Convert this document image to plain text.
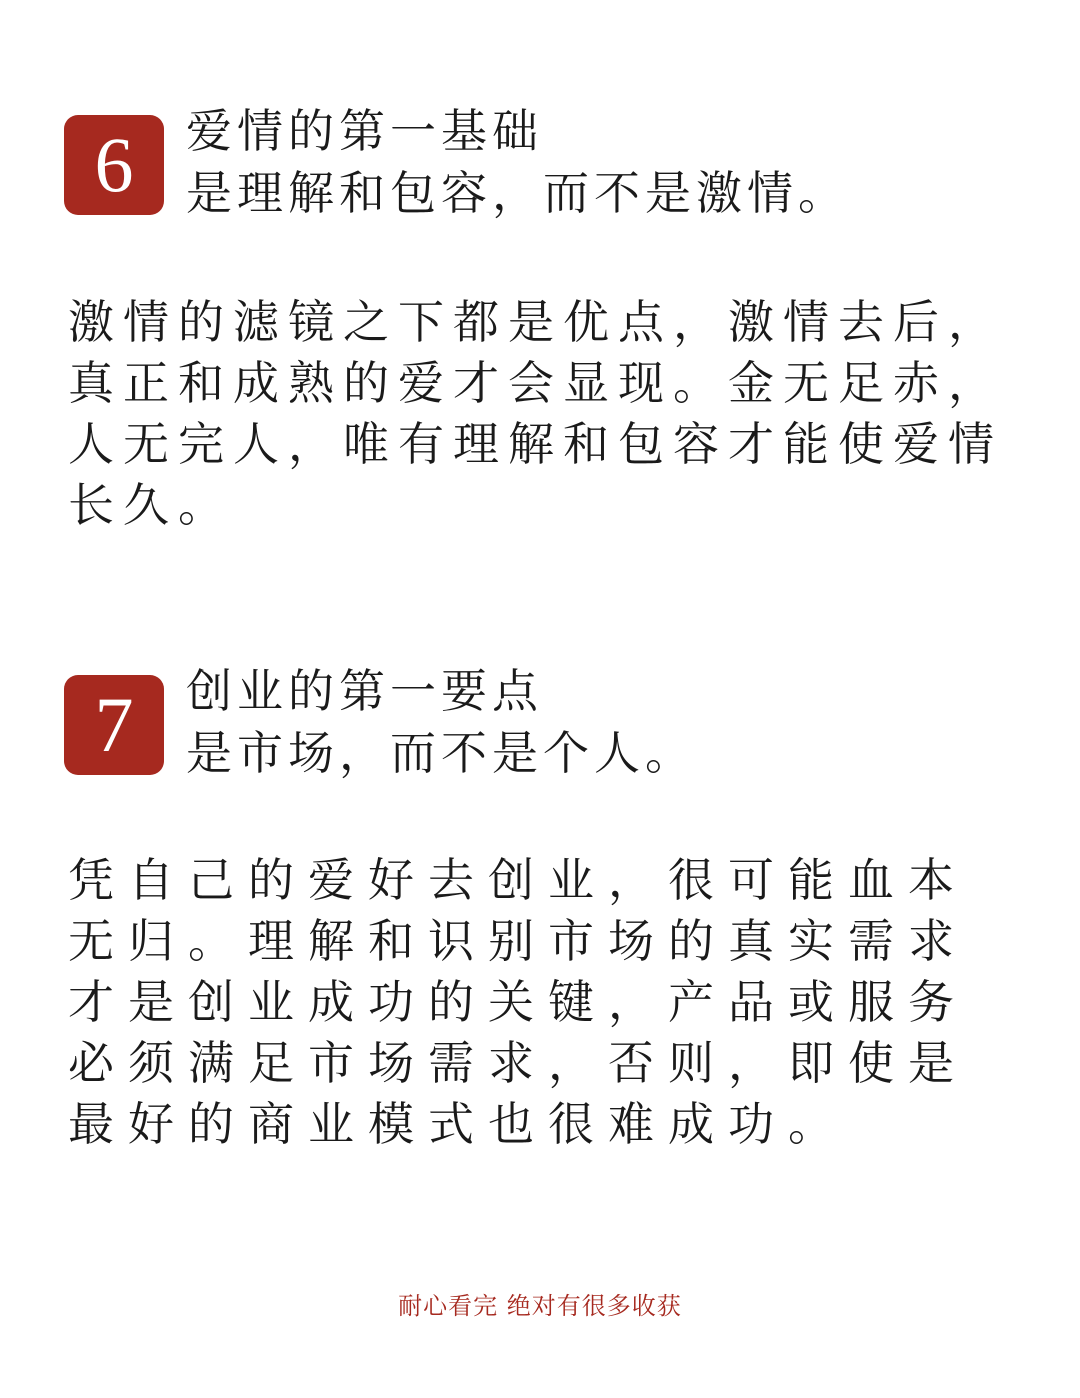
6	爱情的第一基础
是理解和包容，而不是激情。
激情的滤镜之下都是优点，激情去后，真正和成熟的爱才会显现。金无足赤，人无完人，唯有理解和包容才能使爱情长久。
7	创业的第一要点
是市场，而不是个人。
凭自己的爱好去创业，很可能血本无归。理解和识别市场的真实需求才是创业成功的关键，产品或服务必须满足市场需求，否则，即使是最好的商业模式也很难成功。
耐心看完 绝对有很多收获
